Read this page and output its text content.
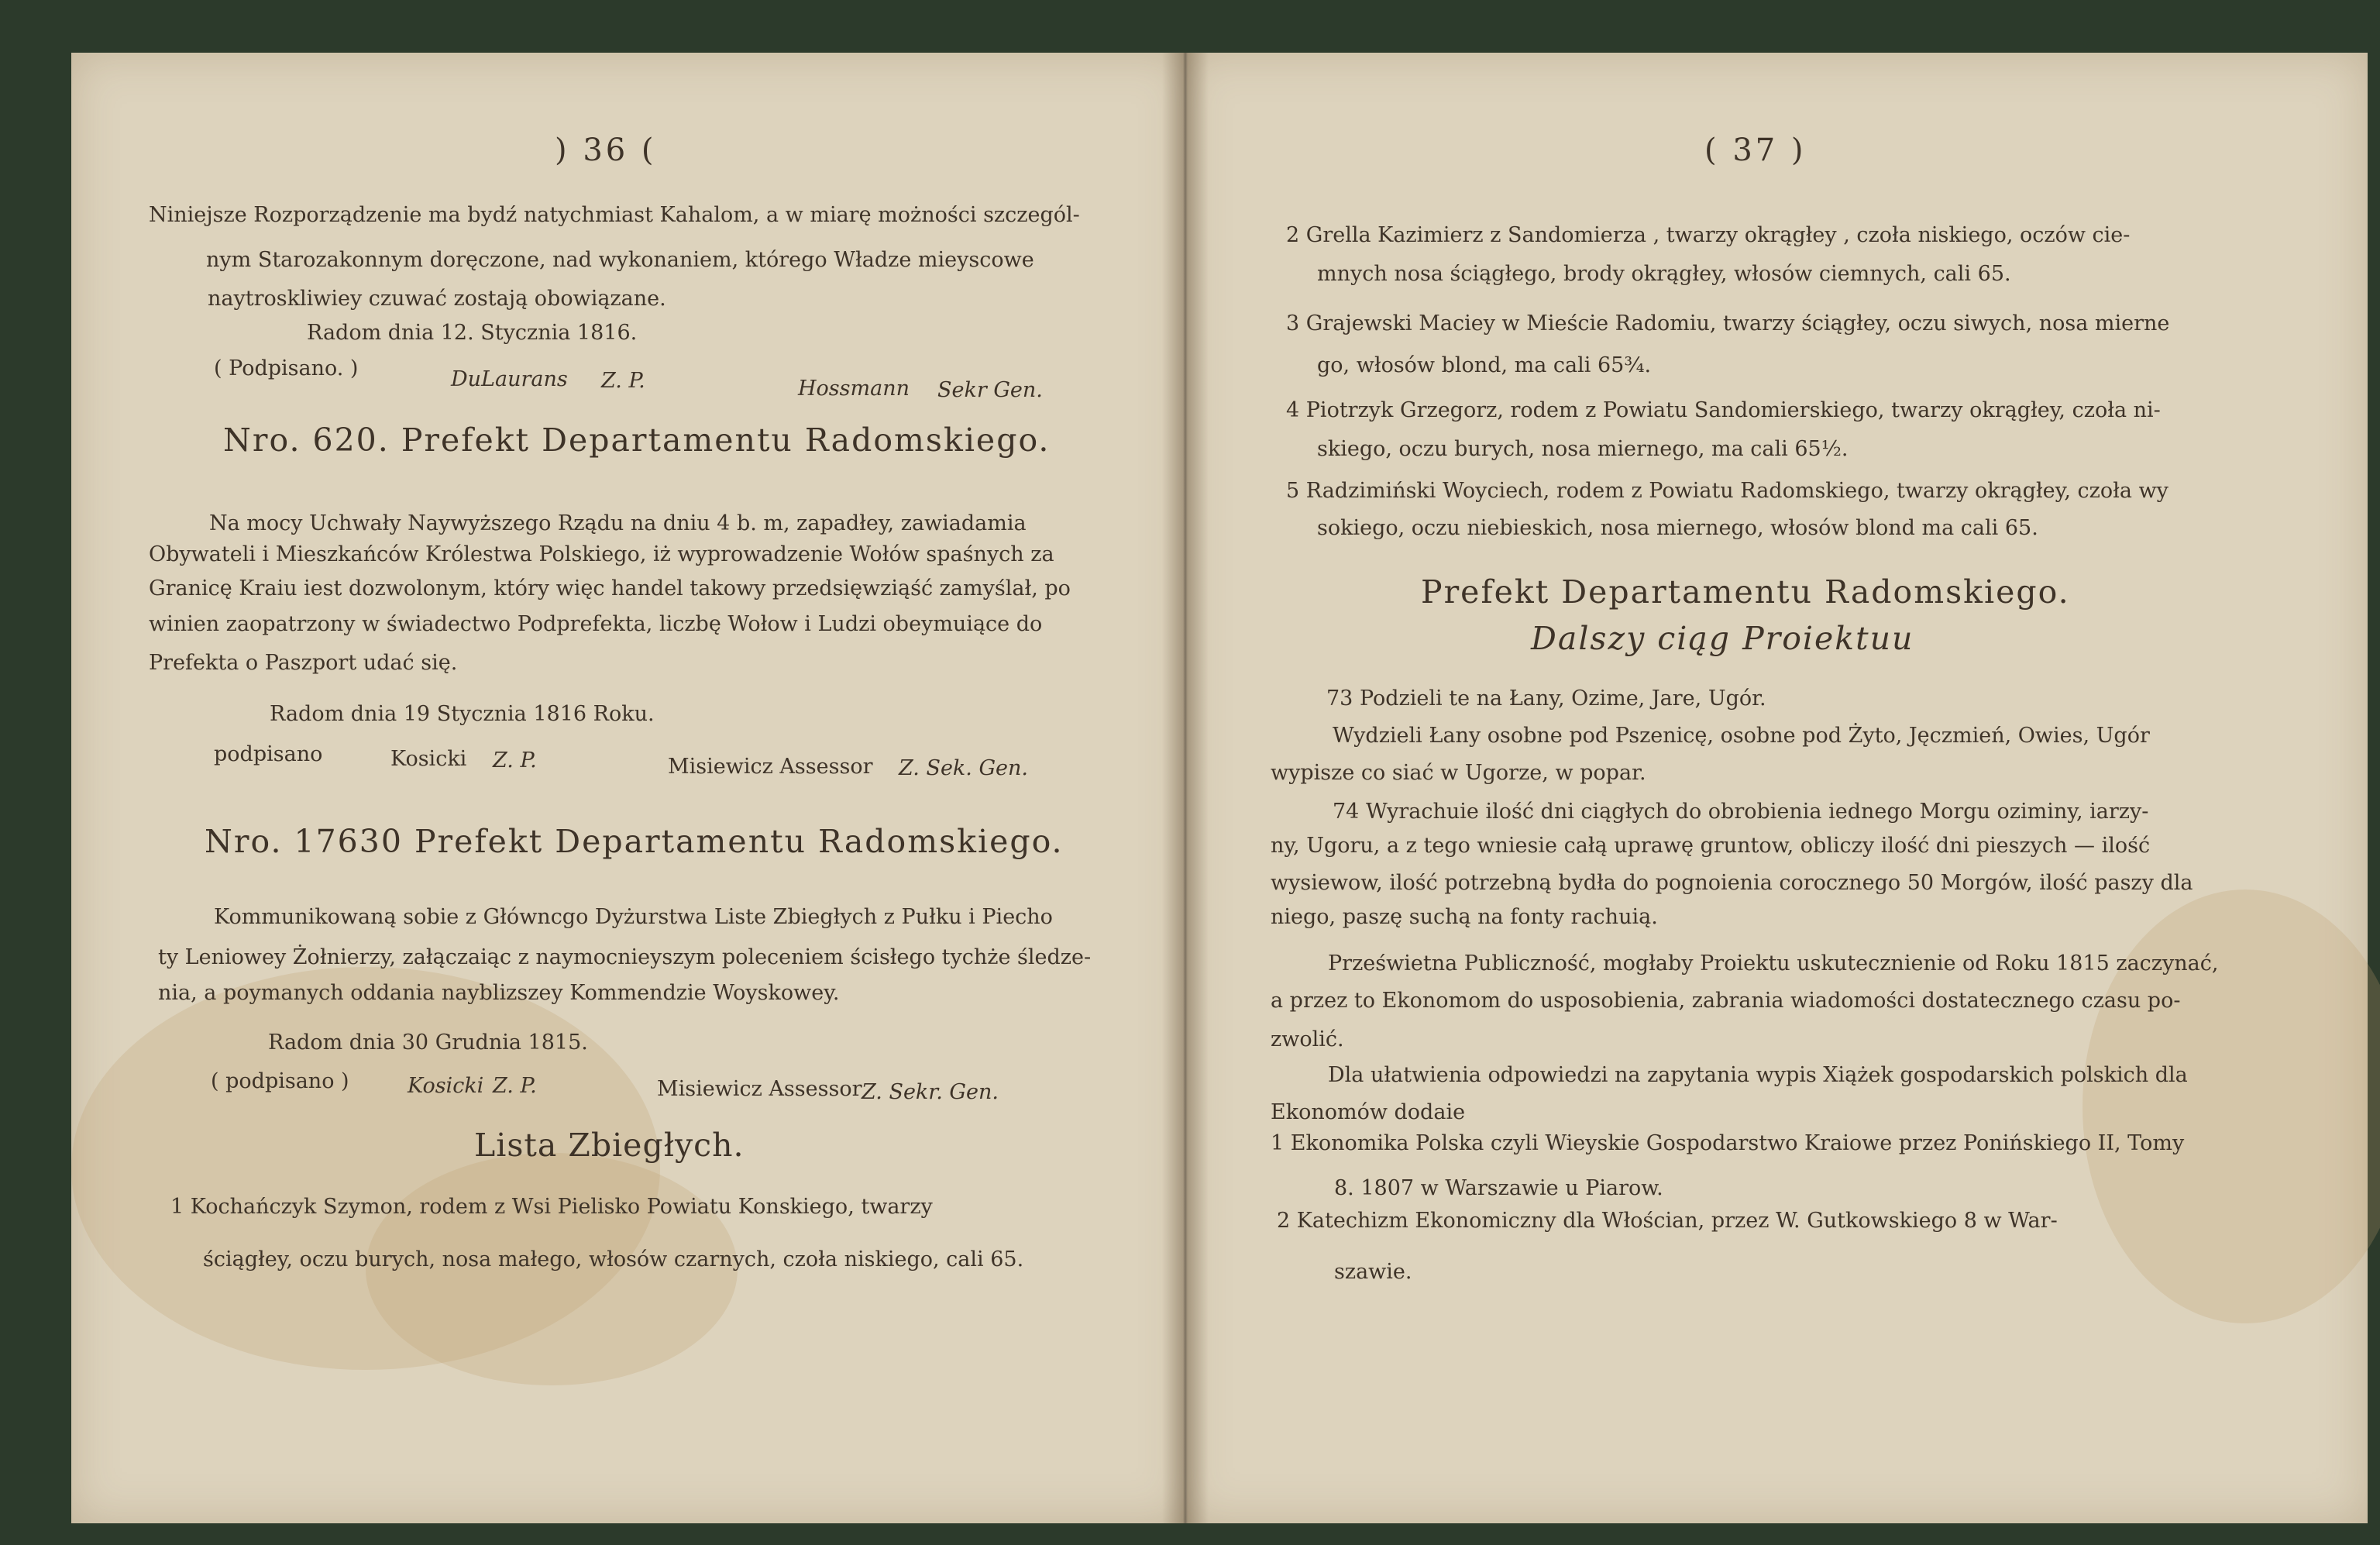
) 36 (
Niniejsze Rozporządzenie ma bydź natychmiast Kahalom, a w miarę możności szczegól-
nym Starozakonnym doręczone, nad wykonaniem, którego Władze mieyscowe
naytroskliwiey czuwać zostają obowiązane.
Radom dnia 12. Stycznia 1816.
( Podpisano. )	DuLaurans Z. P.	Hossmann Sekr Gen.
Nro. 620. Prefekt Departamentu Radomskiego.
Na mocy Uchwały Naywyższego Rządu na dniu 4 b. m, zapadłey, zawiadamia
Obywateli i Mieszkańców Królestwa Polskiego, iż wyprowadzenie Wołów spaśnych za
Granicę Kraiu iest dozwolonym, który więc handel takowy przedsięwziąść zamyślał, po
winien zaopatrzony w świadectwo Podprefekta, liczbę Wołow i Ludzi obeymuiące do
Prefekta o Paszport udać się.
Radom dnia 19 Stycznia 1816 Roku.
podpisano	Kosicki Z. P.	Misiewicz Assessor Z. Sek. Gen.
Nro. 17630 Prefekt Departamentu Radomskiego.
Kommunikowaną sobie z Główncgo Dyżurstwa Liste Zbiegłych z Pułku i Piecho
ty Leniowey Żołnierzy, załączaiąc z naymocnieyszym poleceniem ścisłego tychże śledze-
nia, a poymanych oddania nayblizszey Kommendzie Woyskowey.
Radom dnia 30 Grudnia 1815.
( podpisano )	Kosicki Z. P.	Misiewicz Assessor Z. Sekr. Gen.
Lista Zbiegłych.
1 Kochańczyk Szymon, rodem z Wsi Pielisko Powiatu Konskiego, twarzy
ściągłey, oczu burych, nosa małego, włosów czarnych, czoła niskiego, cali 65.
( 37 )
2 Grella Kazimierz z Sandomierza , twarzy okrągłey , czoła niskiego, oczów cie-
mnych nosa ściągłego, brody okrągłey, włosów ciemnych, cali 65.
3 Grajewski Maciey w Mieście Radomiu, twarzy ściągłey, oczu siwych, nosa mierne
go, włosów blond, ma cali 65¾.
4 Piotrzyk Grzegorz, rodem z Powiatu Sandomierskiego, twarzy okrągłey, czoła ni-
skiego, oczu burych, nosa miernego, ma cali 65½.
5 Radzimiński Woyciech, rodem z Powiatu Radomskiego, twarzy okrągłey, czoła wy
sokiego, oczu niebieskich, nosa miernego, włosów blond ma cali 65.
Prefekt Departamentu Radomskiego.
Dalszy ciąg Proiektuu
73 Podzieli te na Łany, Ozime, Jare, Ugór.
Wydzieli Łany osobne pod Pszenicę, osobne pod Żyto, Jęczmień, Owies, Ugór
wypisze co siać w Ugorze, w popar.
74 Wyrachuie ilość dni ciągłych do obrobienia iednego Morgu oziminy, iarzy-
ny, Ugoru, a z tego wniesie całą uprawę gruntow, obliczy ilość dni pieszych — ilość
wysiewow, ilość potrzebną bydła do pognoienia corocznego 50 Morgów, ilość paszy dla
niego, paszę suchą na fonty rachuią.
Prześwietna Publiczność, mogłaby Proiektu uskutecznienie od Roku 1815 zaczynać,
a przez to Ekonomom do usposobienia, zabrania wiadomości dostatecznego czasu po-
zwolić.
Dla ułatwienia odpowiedzi na zapytania wypis Xiążek gospodarskich polskich dla
Ekonomów dodaie
1 Ekonomika Polska czyli Wieyskie Gospodarstwo Kraiowe przez Ponińskiego II, Tomy
8. 1807 w Warszawie u Piarow.
2 Katechizm Ekonomiczny dla Włościan, przez W. Gutkowskiego 8 w War-
szawie.
